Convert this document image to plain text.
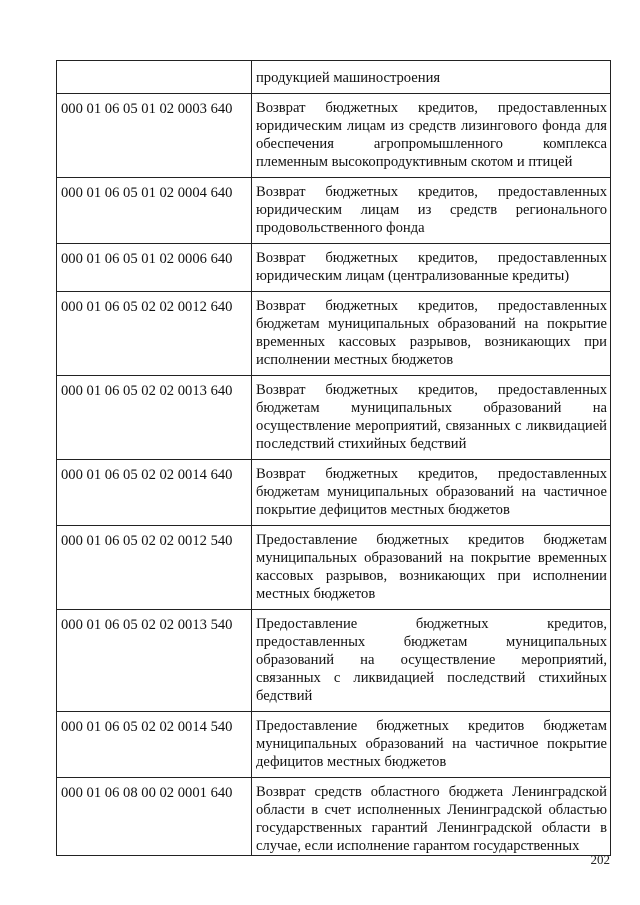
	продукцией машиностроения
000 01 06 05 01 02 0003 640	Возврат бюджетных кредитов, предоставленных юридическим лицам из средств лизингового фонда для обеспечения агропромышленного комплекса племенным высокопродуктивным скотом и птицей
000 01 06 05 01 02 0004 640	Возврат бюджетных кредитов, предоставленных юридическим лицам из средств регионального продовольственного фонда
000 01 06 05 01 02 0006 640	Возврат бюджетных кредитов, предоставленных юридическим лицам (централизованные кредиты)
000 01 06 05 02 02 0012 640	Возврат бюджетных кредитов, предоставленных бюджетам муниципальных образований на покрытие временных кассовых разрывов, возникающих при исполнении местных бюджетов
000 01 06 05 02 02 0013 640	Возврат бюджетных кредитов, предоставленных бюджетам муниципальных образований на осуществление мероприятий, связанных с ликвидацией последствий стихийных бедствий
000 01 06 05 02 02 0014 640	Возврат бюджетных кредитов, предоставленных бюджетам муниципальных образований на частичное покрытие дефицитов местных бюджетов
000 01 06 05 02 02 0012 540	Предоставление бюджетных кредитов бюджетам муниципальных образований на покрытие временных кассовых разрывов, возникающих при исполнении местных бюджетов
000 01 06 05 02 02 0013 540	Предоставление бюджетных кредитов, предоставленных бюджетам муниципальных образований на осуществление мероприятий, связанных с ликвидацией последствий стихийных бедствий
000 01 06 05 02 02 0014 540	Предоставление бюджетных кредитов бюджетам муниципальных образований на частичное покрытие дефицитов местных бюджетов
000 01 06 08 00 02 0001 640	Возврат средств областного бюджета Ленинградской области в счет исполненных Ленинградской областью государственных гарантий Ленинградской области в случае, если исполнение гарантом государственных
202
